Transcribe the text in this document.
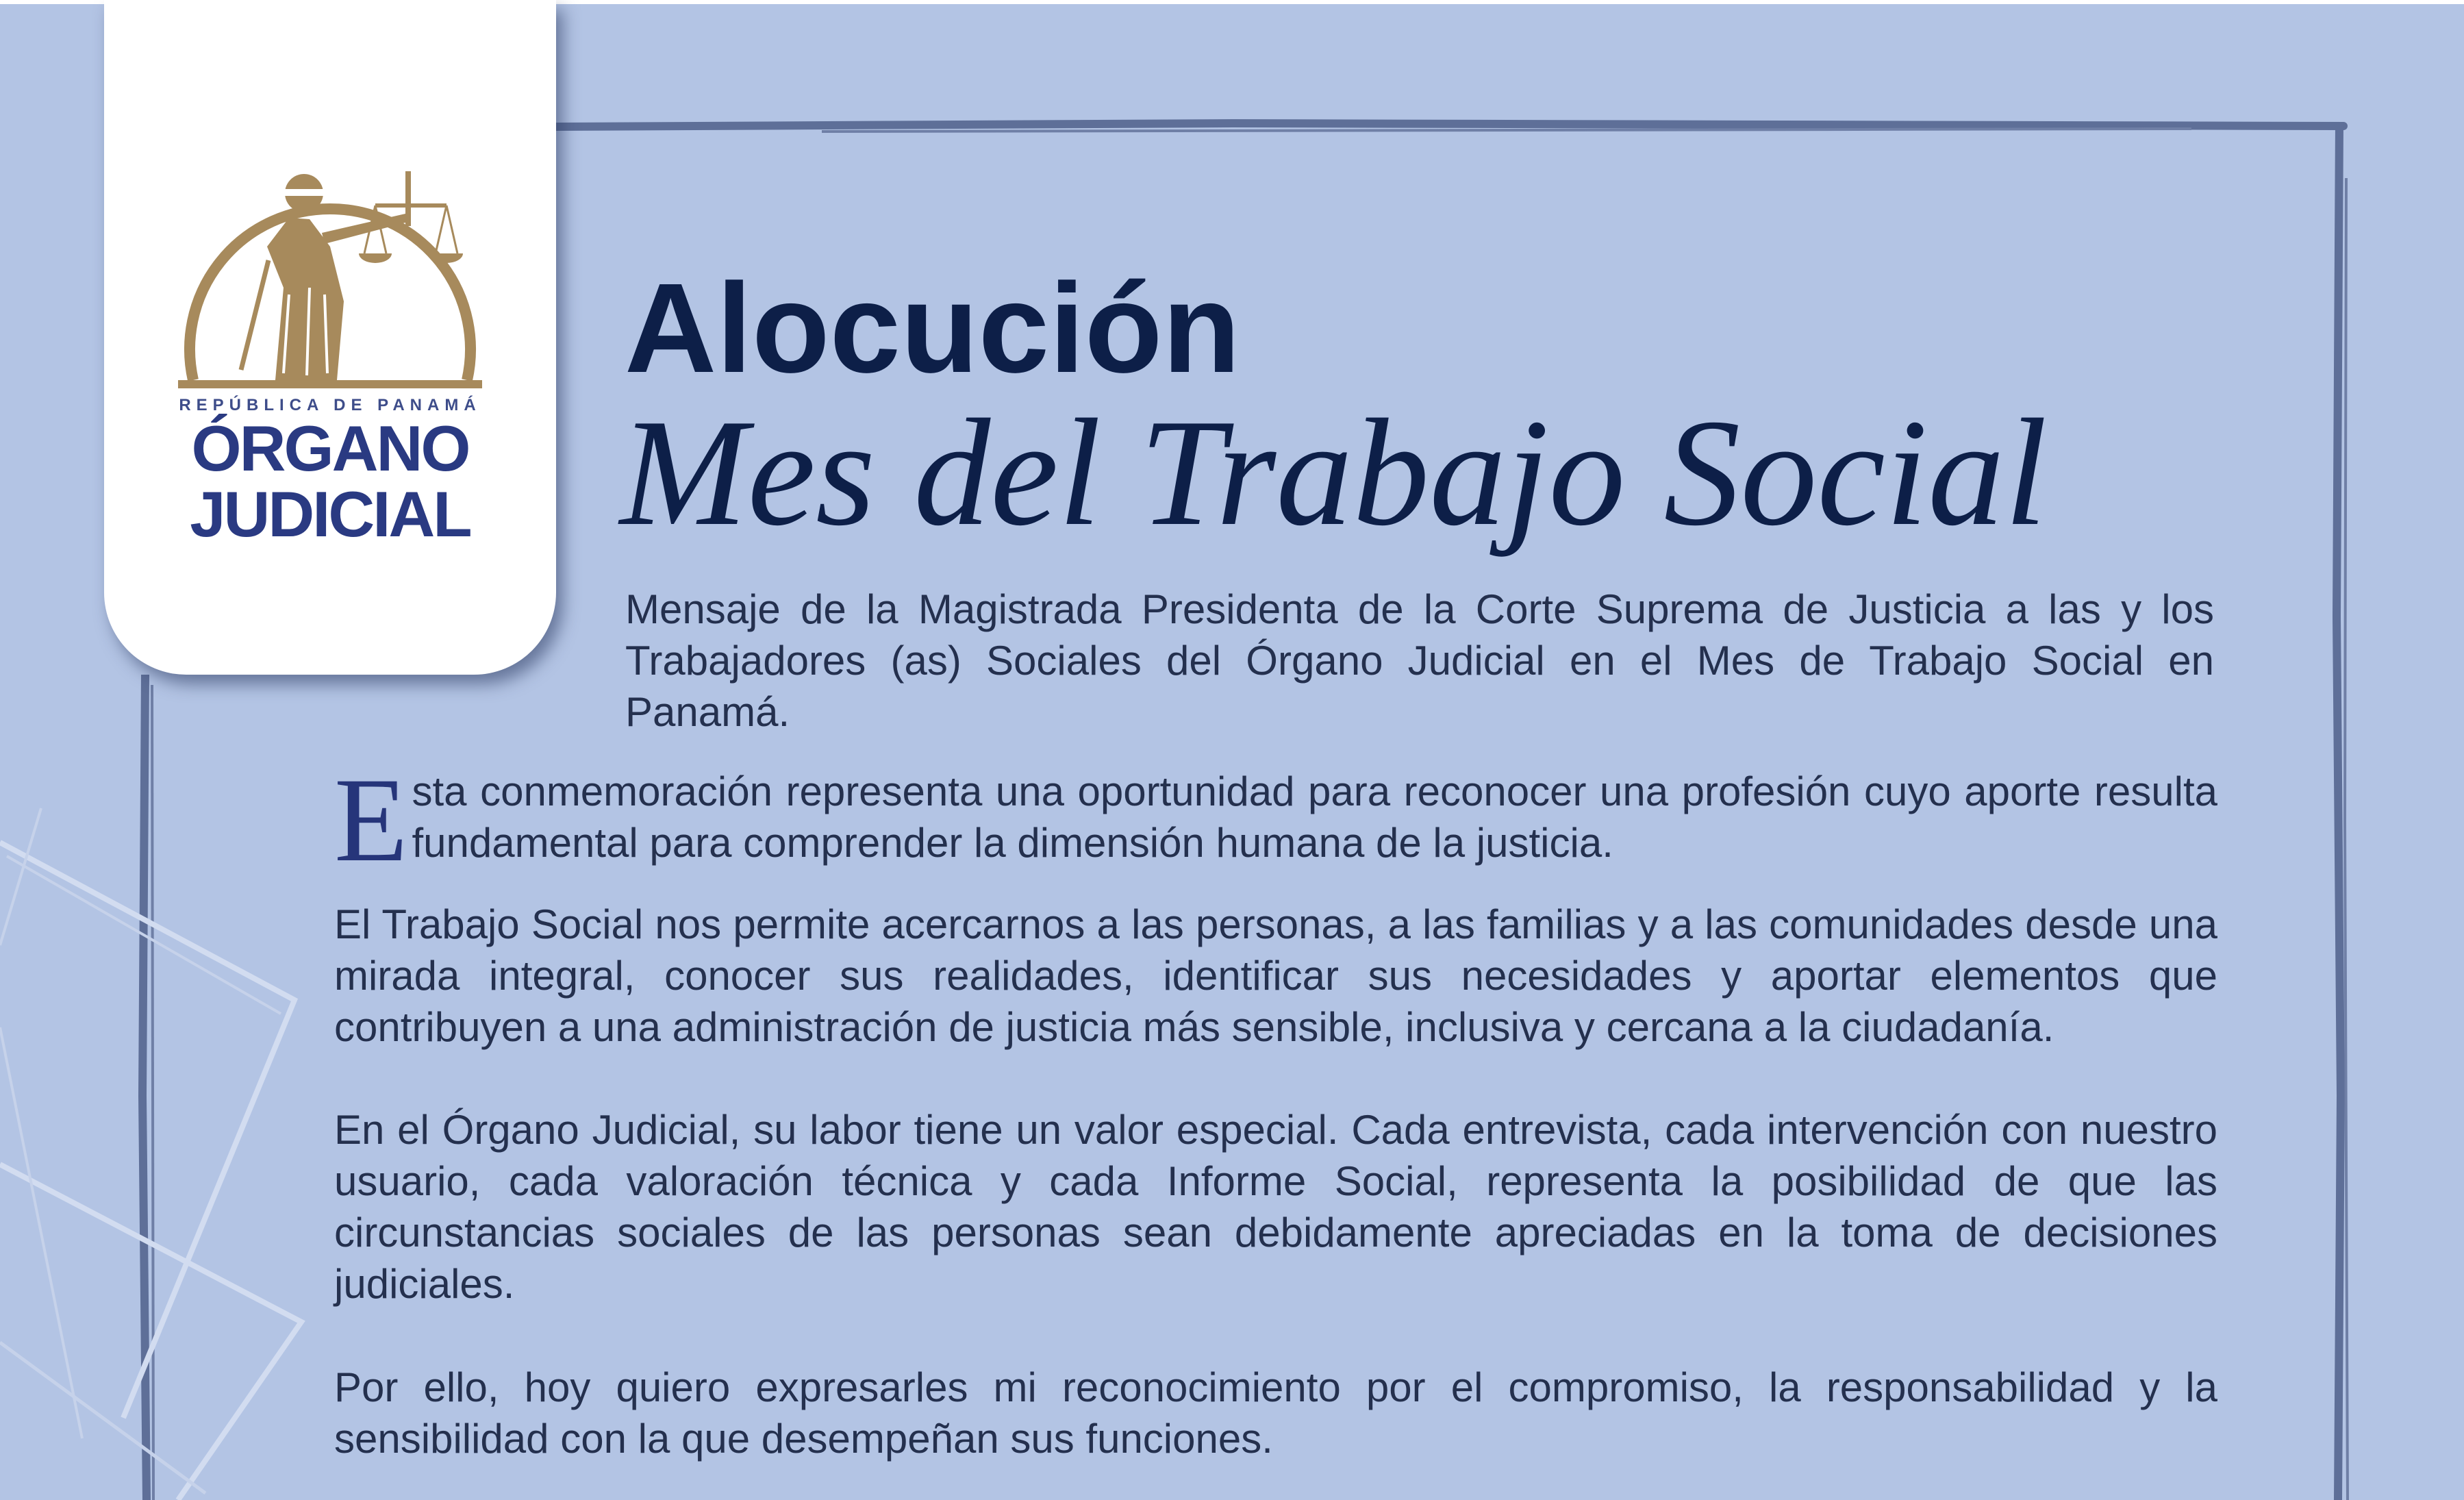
REPÚBLICA DE PANAMÁ
ÓRGANO
JUDICIAL
Alocución
Mes del Trabajo Social
Mensaje de la Magistrada Presidenta de la Corte Suprema de Justicia a las y los Trabajadores (as) Sociales del Órgano Judicial en el Mes de Trabajo Social en Panamá.
E sta conmemoración representa una oportunidad para reconocer una profesión cuyo aporte resulta fundamental para comprender la dimensión humana de la justicia.
El Trabajo Social nos permite acercarnos a las personas, a las familias y a las comunidades desde una mirada integral, conocer sus realidades, identificar sus necesidades y aportar elementos que contribuyen a una administración de justicia más sensible, inclusiva y cercana a la ciudadanía.
En el Órgano Judicial, su labor tiene un valor especial. Cada entrevista, cada intervención con nuestro usuario, cada valoración técnica y cada Informe Social, representa la posibilidad de que las circunstancias sociales de las personas sean debidamente apreciadas en la toma de decisiones judiciales.
Por ello, hoy quiero expresarles mi reconocimiento por el compromiso, la responsabilidad y la sensibilidad con la que desempeñan sus funciones.
